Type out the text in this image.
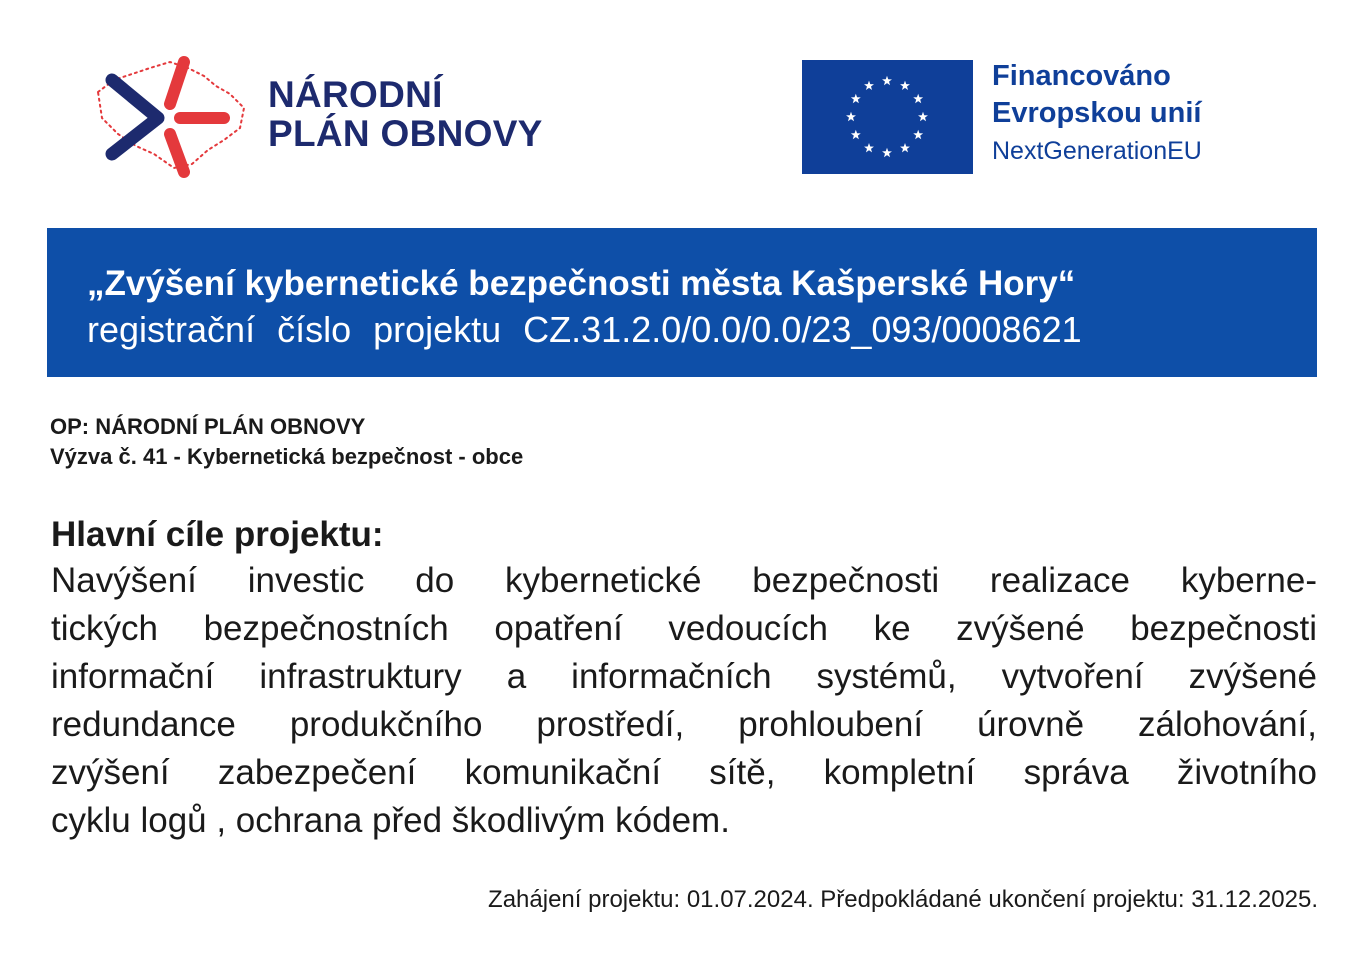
NÁRODNÍ
PLÁN OBNOVY
Financováno
Evropskou unií
NextGenerationEU
„Zvýšení kybernetické bezpečnosti města Kašperské Hory“
registrační číslo projektu CZ.31.2.0/0.0/0.0/23_093/0008621
OP: NÁRODNÍ PLÁN OBNOVY
Výzva č. 41 - Kybernetická bezpečnost - obce
Hlavní cíle projektu:
Navýšení investic do kybernetické bezpečnosti realizace kyberne-
tických bezpečnostních opatření vedoucích ke zvýšené bezpečnosti
informační infrastruktury a informačních systémů, vytvoření zvýšené
redundance produkčního prostředí, prohloubení úrovně zálohování,
zvýšení zabezpečení komunikační sítě, kompletní správa životního
cyklu logů , ochrana před škodlivým kódem.
Zahájení projektu: 01.07.2024. Předpokládané ukončení projektu: 31.12.2025.
